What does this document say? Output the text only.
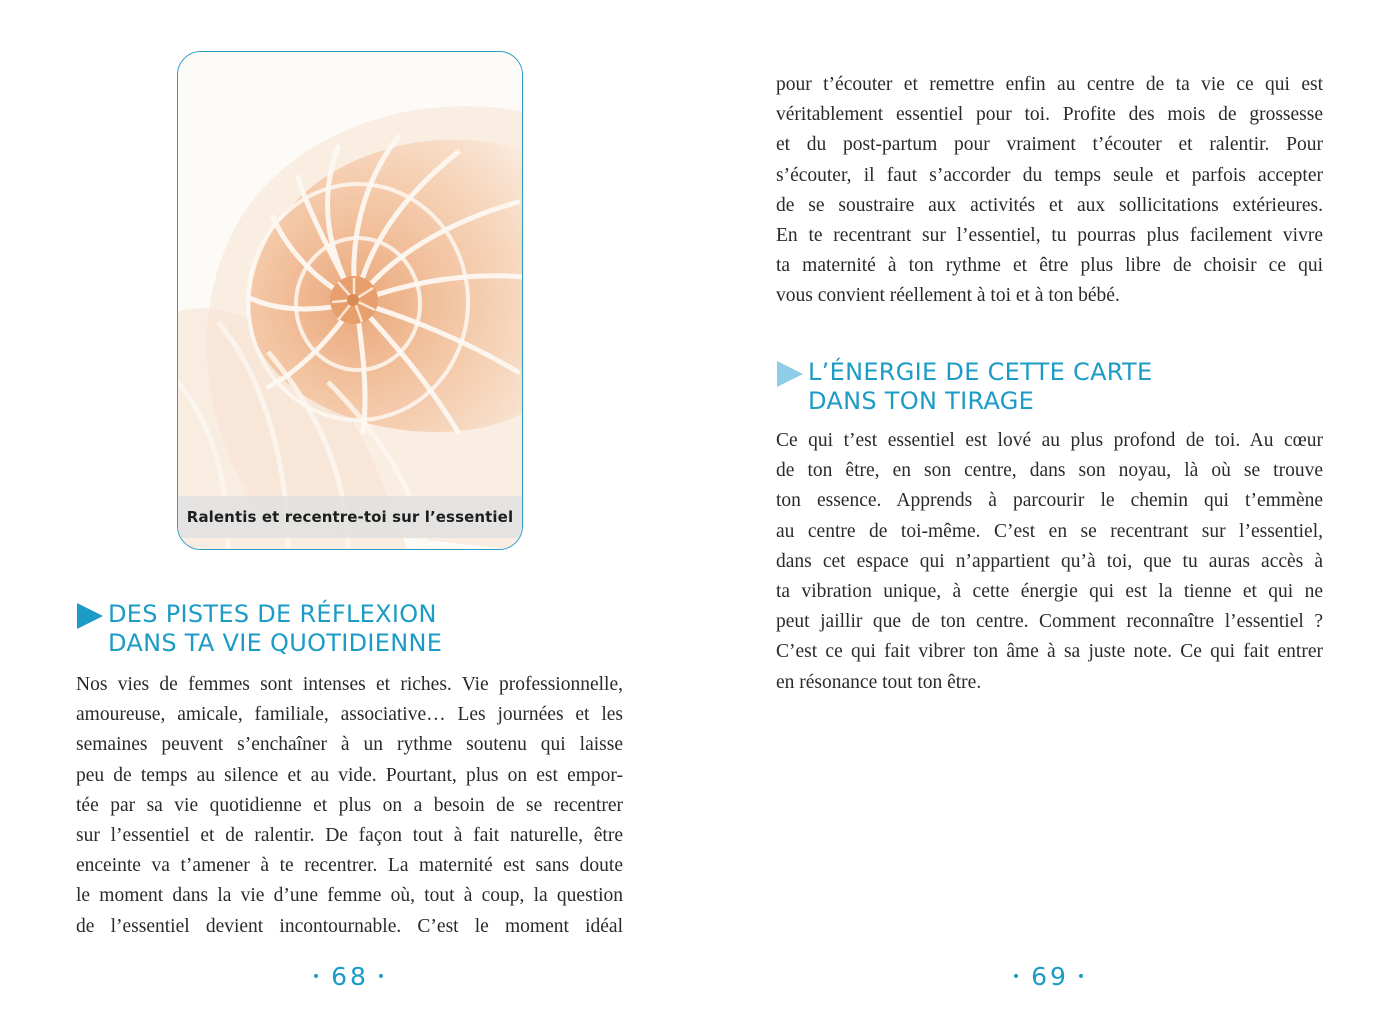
Ralentis et recentre-toi sur l’essentiel
DES PISTES DE RÉFLEXION
DANS TA VIE QUOTIDIENNE
Nos vies de femmes sont intenses et riches. Vie professionnelle,
amoureuse, amicale, familiale, associative… Les journées et les
semaines peuvent s’enchaîner à un rythme soutenu qui laisse
peu de temps au silence et au vide. Pourtant, plus on est empor-
tée par sa vie quotidienne et plus on a besoin de se recentrer
sur l’essentiel et de ralentir. De façon tout à fait naturelle, être
enceinte va t’amener à te recentrer. La maternité est sans doute
le moment dans la vie d’une femme où, tout à coup, la question
de l’essentiel devient incontournable. C’est le moment idéal
• 68 •
pour t’écouter et remettre enfin au centre de ta vie ce qui est
véritablement essentiel pour toi. Profite des mois de grossesse
et du post-partum pour vraiment t’écouter et ralentir. Pour
s’écouter, il faut s’accorder du temps seule et parfois accepter
de se soustraire aux activités et aux sollicitations extérieures.
En te recentrant sur l’essentiel, tu pourras plus facilement vivre
ta maternité à ton rythme et être plus libre de choisir ce qui
vous convient réellement à toi et à ton bébé.
L’ÉNERGIE DE CETTE CARTE
DANS TON TIRAGE
Ce qui t’est essentiel est lové au plus profond de toi. Au cœur
de ton être, en son centre, dans son noyau, là où se trouve
ton essence. Apprends à parcourir le chemin qui t’emmène
au centre de toi-même. C’est en se recentrant sur l’essentiel,
dans cet espace qui n’appartient qu’à toi, que tu auras accès à
ta vibration unique, à cette énergie qui est la tienne et qui ne
peut jaillir que de ton centre. Comment reconnaître l’essentiel ?
C’est ce qui fait vibrer ton âme à sa juste note. Ce qui fait entrer
en résonance tout ton être.
• 69 •
